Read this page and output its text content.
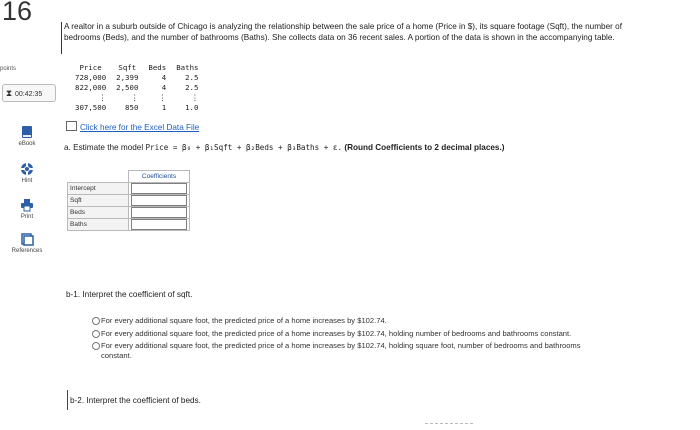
16
points
⧗ 00:42:35
eBook
Hint
Print
References
A realtor in a suburb outside of Chicago is analyzing the relationship between the sale price of a home (Price in $), its square footage (Sqft), the number of bedrooms (Beds), and the number of bathrooms (Baths). She collects data on 36 recent sales. A portion of the data is shown in the accompanying table.
Price	Sqft	Beds	Baths
728,000	2,399	4	2.5
822,000	2,500	4	2.5
⋮	⋮	⋮	⋮
307,500	850	1	1.0
Click here for the Excel Data File
a. Estimate the model Price = β₀ + β₁Sqft + β₂Beds + β₃Baths + ε. (Round Coefficients to 2 decimal places.)
	Coefficients
Intercept	
Sqft	
Beds	
Baths	
b-1. Interpret the coefficient of sqft.
For every additional square foot, the predicted price of a home increases by $102.74.
For every additional square foot, the predicted price of a home increases by $102.74, holding number of bedrooms and bathrooms constant.
For every additional square foot, the predicted price of a home increases by $102.74, holding square foot, number of bedrooms and bathrooms constant.
b-2. Interpret the coefficient of beds.
